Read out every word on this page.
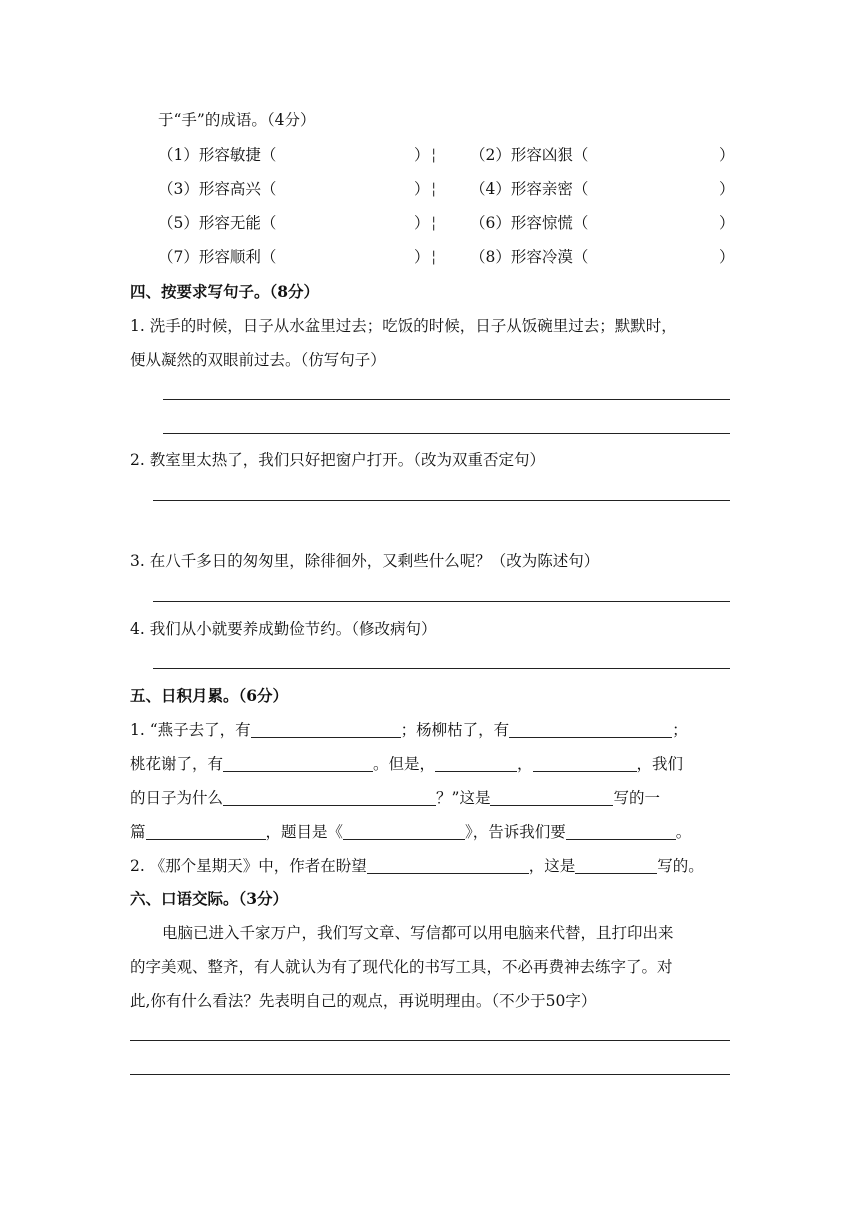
于“手”的成语。（4分）
（1）形容敏捷（	） ¦ （2）形容凶狠（	）
（3）形容高兴（	） ¦ （4）形容亲密（	）
（5）形容无能（	） ¦ （6）形容惊慌（	）
（7）形容顺利（	） ¦ （8）形容冷漠（	）
四、按要求写句子。（8分）
1. 洗手的时候，日子从水盆里过去；吃饭的时候，日子从饭碗里过去；默默时，
便从凝然的双眼前过去。（仿写句子）
2. 教室里太热了，我们只好把窗户打开。（改为双重否定句）
3. 在八千多日的匆匆里，除徘徊外，又剩些什么呢？（改为陈述句）
4. 我们从小就要养成勤俭节约。（修改病句）
五、日积月累。（6分）
1. “燕子去了，有	；杨柳枯了，有	；
桃花谢了，有	。但是，	，	，我们
的日子为什么	？”这是	写的一
篇	，题目是《	》，告诉我们要	。
2. 《那个星期天》中，作者在盼望	，这是	写的。
六、口语交际。（3分）
电脑已进入千家万户，我们写文章、写信都可以用电脑来代替，且打印出来
的字美观、整齐，有人就认为有了现代化的书写工具，不必再费神去练字了。对
此,你有什么看法？先表明自己的观点，再说明理由。（不少于50字）
